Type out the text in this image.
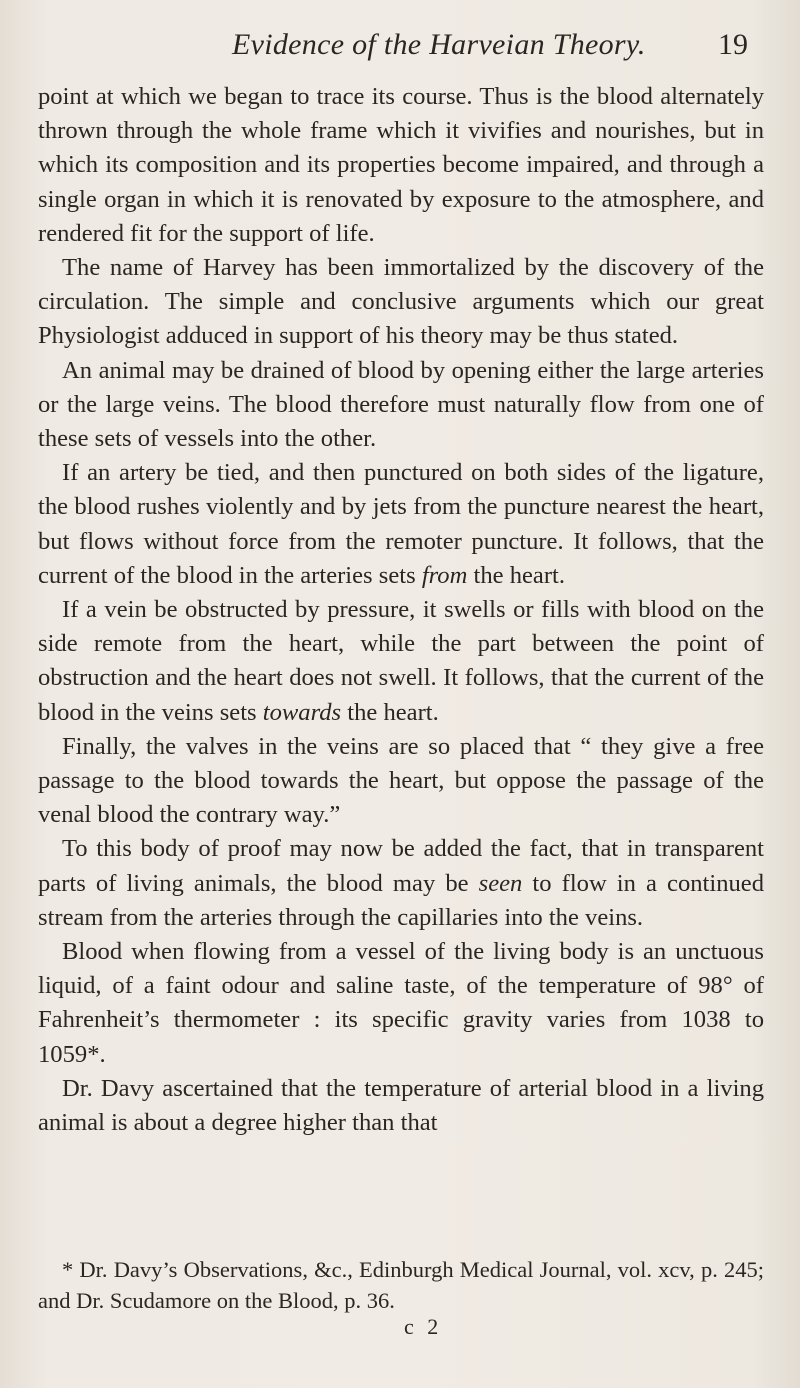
Evidence of the Harveian Theory. 19

point at which we began to trace its course. Thus is the blood alternately thrown through the whole frame which it vivifies and nourishes, but in which its composition and its properties become impaired, and through a single organ in which it is renovated by exposure to the atmosphere, and rendered fit for the support of life.

The name of Harvey has been immortalized by the discovery of the circulation. The simple and conclusive arguments which our great Physiologist adduced in support of his theory may be thus stated.

An animal may be drained of blood by opening either the large arteries or the large veins. The blood therefore must naturally flow from one of these sets of vessels into the other.

If an artery be tied, and then punctured on both sides of the ligature, the blood rushes violently and by jets from the puncture nearest the heart, but flows without force from the remoter puncture. It follows, that the current of the blood in the arteries sets from the heart.

If a vein be obstructed by pressure, it swells or fills with blood on the side remote from the heart, while the part between the point of obstruction and the heart does not swell. It follows, that the current of the blood in the veins sets towards the heart.

Finally, the valves in the veins are so placed that “ they give a free passage to the blood towards the heart, but oppose the passage of the venal blood the contrary way.”

To this body of proof may now be added the fact, that in transparent parts of living animals, the blood may be seen to flow in a continued stream from the arteries through the capillaries into the veins.

Blood when flowing from a vessel of the living body is an unctuous liquid, of a faint odour and saline taste, of the temperature of 98° of Fahrenheit’s thermometer : its specific gravity varies from 1038 to 1059*.

Dr. Davy ascertained that the temperature of arterial blood in a living animal is about a degree higher than that

* Dr. Davy’s Observations, &c., Edinburgh Medical Journal, vol. xcv, p. 245; and Dr. Scudamore on the Blood, p. 36.

c 2
